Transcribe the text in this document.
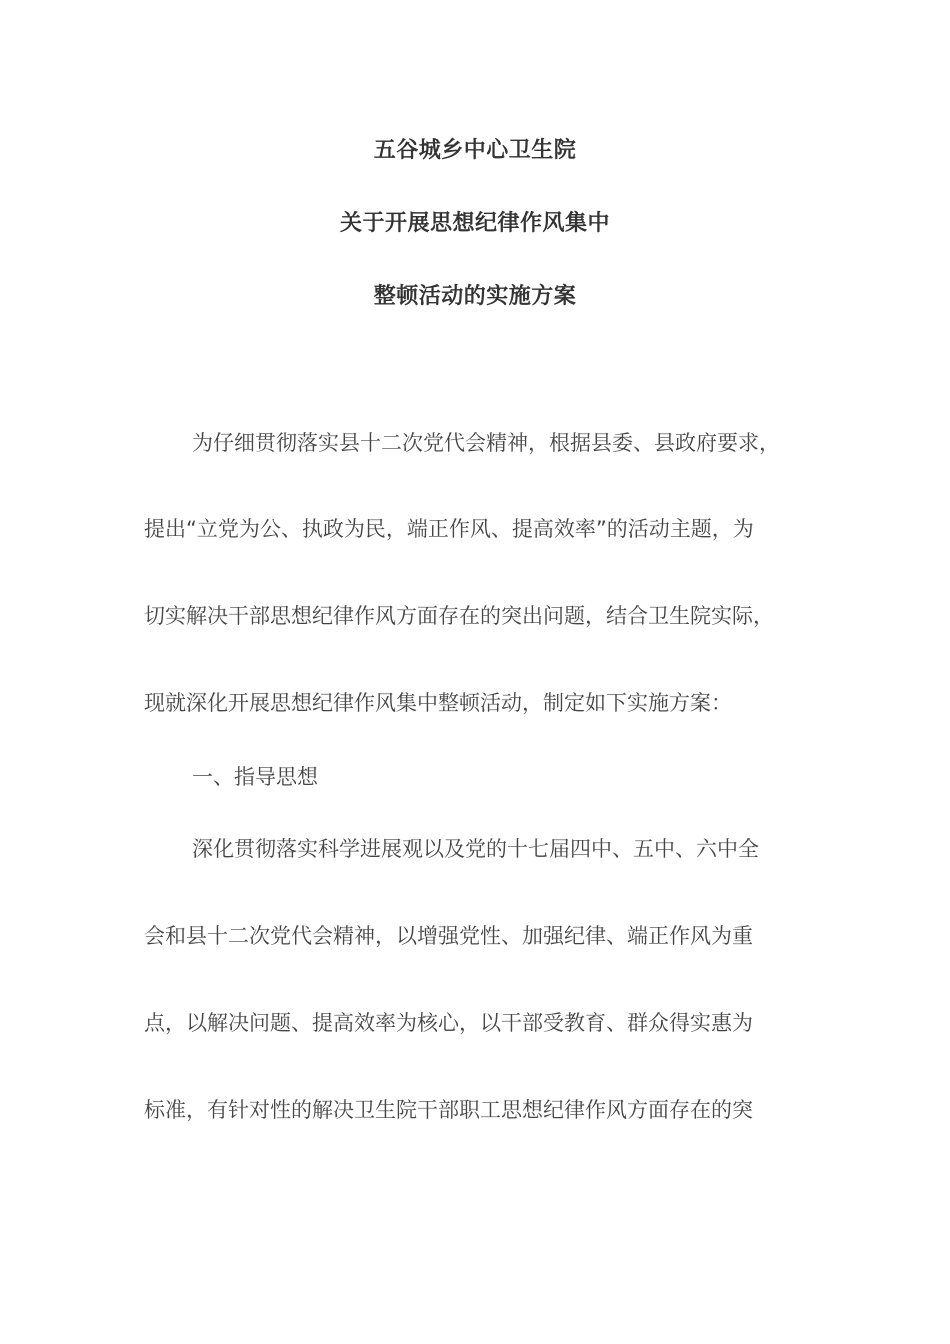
五谷城乡中心卫生院
关于开展思想纪律作风集中
整顿活动的实施方案
为仔细贯彻落实县十二次党代会精神，根据县委、县政府要求，
提出“立党为公、执政为民，端正作风、提高效率”的活动主题，为
切实解决干部思想纪律作风方面存在的突出问题，结合卫生院实际，
现就深化开展思想纪律作风集中整顿活动，制定如下实施方案：
一、指导思想
深化贯彻落实科学进展观以及党的十七届四中、五中、六中全
会和县十二次党代会精神，以增强党性、加强纪律、端正作风为重
点，以解决问题、提高效率为核心，以干部受教育、群众得实惠为
标准，有针对性的解决卫生院干部职工思想纪律作风方面存在的突
